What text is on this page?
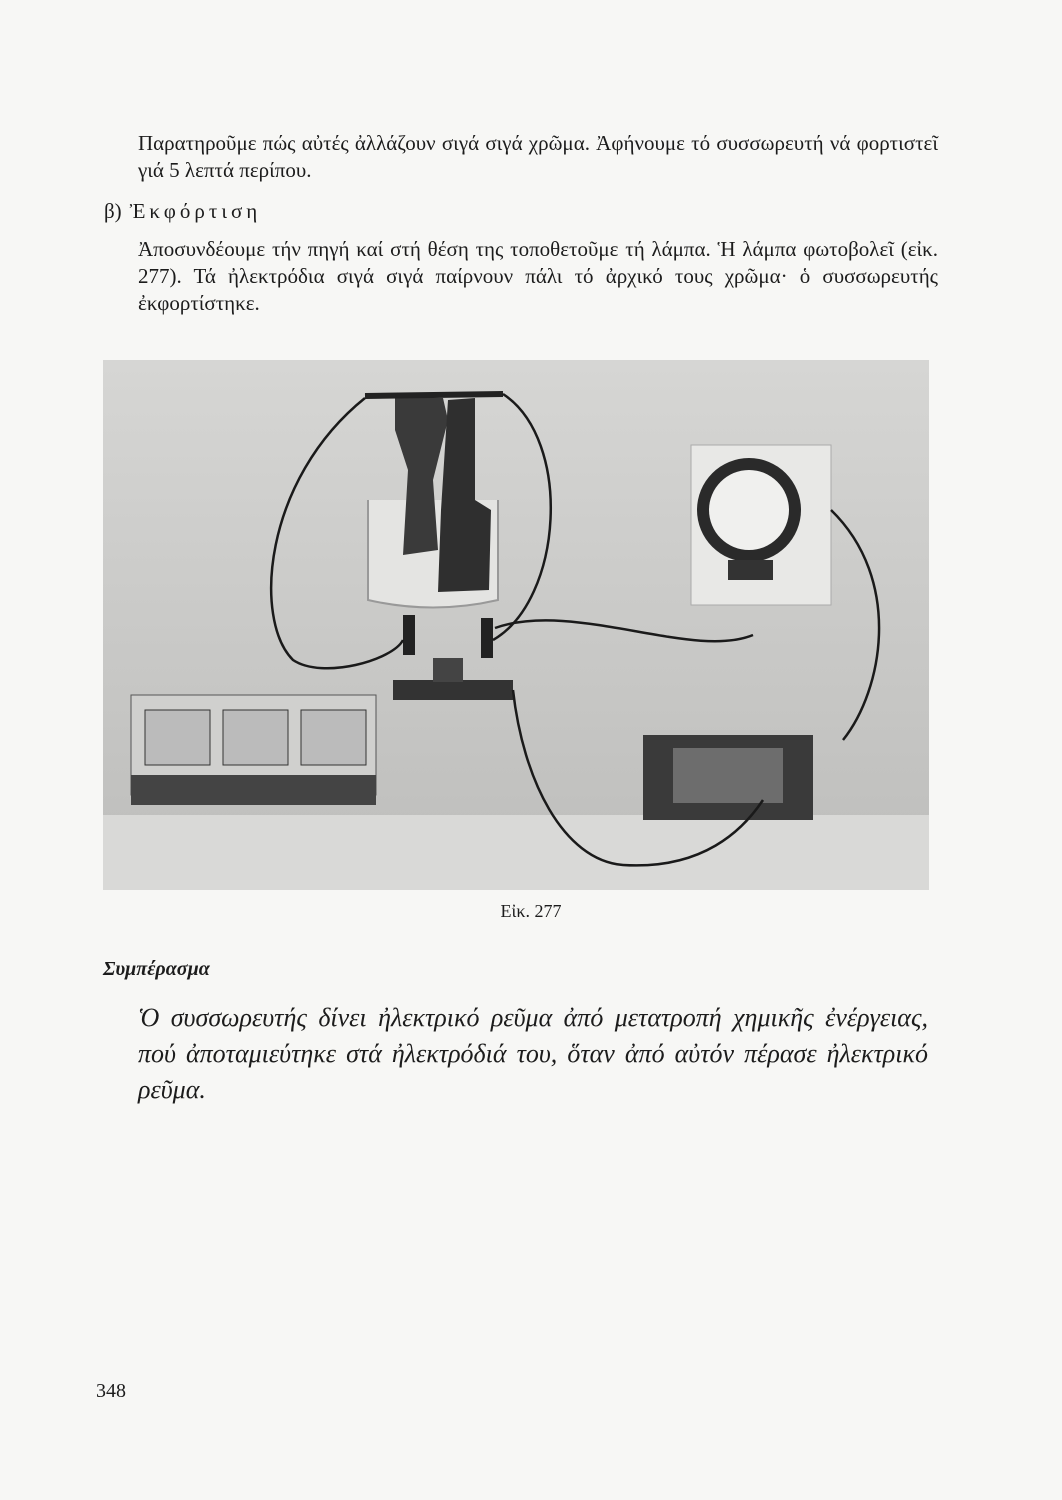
Παρατηροῦμε πώς αὐτές ἀλλάζουν σιγά σιγά χρῶμα. Ἀφήνουμε τό συσσωρευτή νά φορτιστεῖ γιά 5 λεπτά περίπου.

β) Ἐκφόρτιση

Ἀποσυνδέουμε τήν πηγή καί στή θέση της τοποθετοῦμε τή λάμπα. Ἡ λάμπα φωτοβολεῖ (εἰκ. 277). Τά ἠλεκτρόδια σιγά σιγά παίρνουν πάλι τό ἀρχικό τους χρῶμα· ὁ συσσωρευτής ἐκφορτίστηκε.

Εἰκ. 277
Συμπέρασμα

Ὁ συσσωρευτής δίνει ἠλεκτρικό ρεῦμα ἀπό μετατροπή χημικῆς ἐνέργειας, πού ἀποταμιεύτηκε στά ἠλεκτρόδιά του, ὅταν ἀπό αὐτόν πέρασε ἠλεκτρικό ρεῦμα.

348
